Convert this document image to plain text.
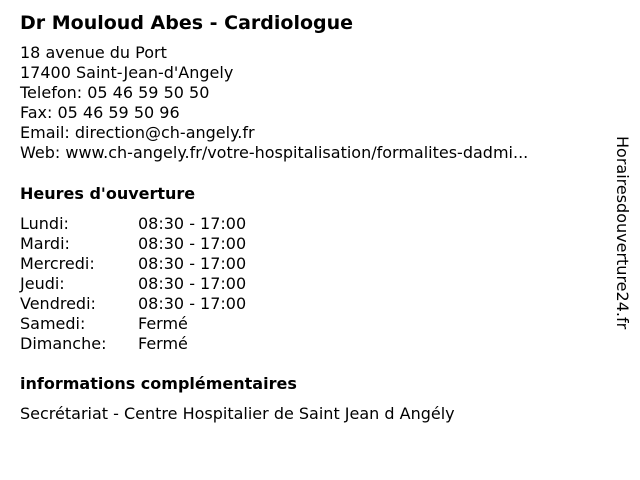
Dr Mouloud Abes - Cardiologue
18 avenue du Port
17400 Saint-Jean-d'Angely
Telefon: 05 46 59 50 50
Fax: 05 46 59 50 96
Email: direction@ch-angely.fr
Web: www.ch-angely.fr/votre-hospitalisation/formalites-dadmi...
Heures d'ouverture
Lundi:	08:30 - 17:00
Mardi:	08:30 - 17:00
Mercredi:	08:30 - 17:00
Jeudi:	08:30 - 17:00
Vendredi:	08:30 - 17:00
Samedi:	Fermé
Dimanche:	Fermé
informations complémentaires
Secrétariat - Centre Hospitalier de Saint Jean d Angély
Horairesdouverture24.fr
